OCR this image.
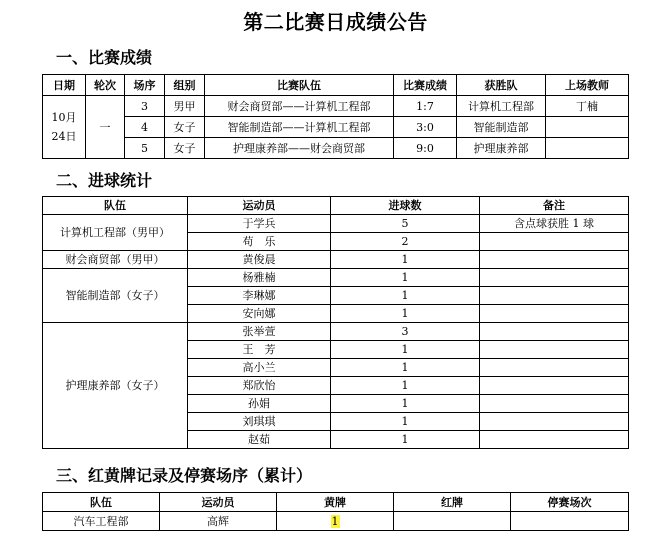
第二比赛日成绩公告
一、比赛成绩
日期	轮次	场序	组别	比赛队伍	比赛成绩	获胜队	上场教师
10月
24日	一	3	男甲	财会商贸部——计算机工程部	1:7	计算机工程部	丁楠
		4	女子	智能制造部——计算机工程部	3:0	智能制造部	
		5	女子	护理康养部——财会商贸部	9:0	护理康养部	
二、进球统计
队伍	运动员	进球数	备注
计算机工程部（男甲）	于学兵	5	含点球获胜 1 球
	苟　乐	2	
财会商贸部（男甲）	黄俊晨	1	
智能制造部（女子）	杨雅楠	1	
	李琳娜	1	
	安向娜	1	
护理康养部（女子）	张举萱	3	
	王　芳	1	
	高小兰	1	
	郑欣怡	1	
	孙娟	1	
	刘琪琪	1	
	赵茹	1	
三、红黄牌记录及停赛场序（累计）
队伍	运动员	黄牌	红牌	停赛场次
汽车工程部	高辉	1		
